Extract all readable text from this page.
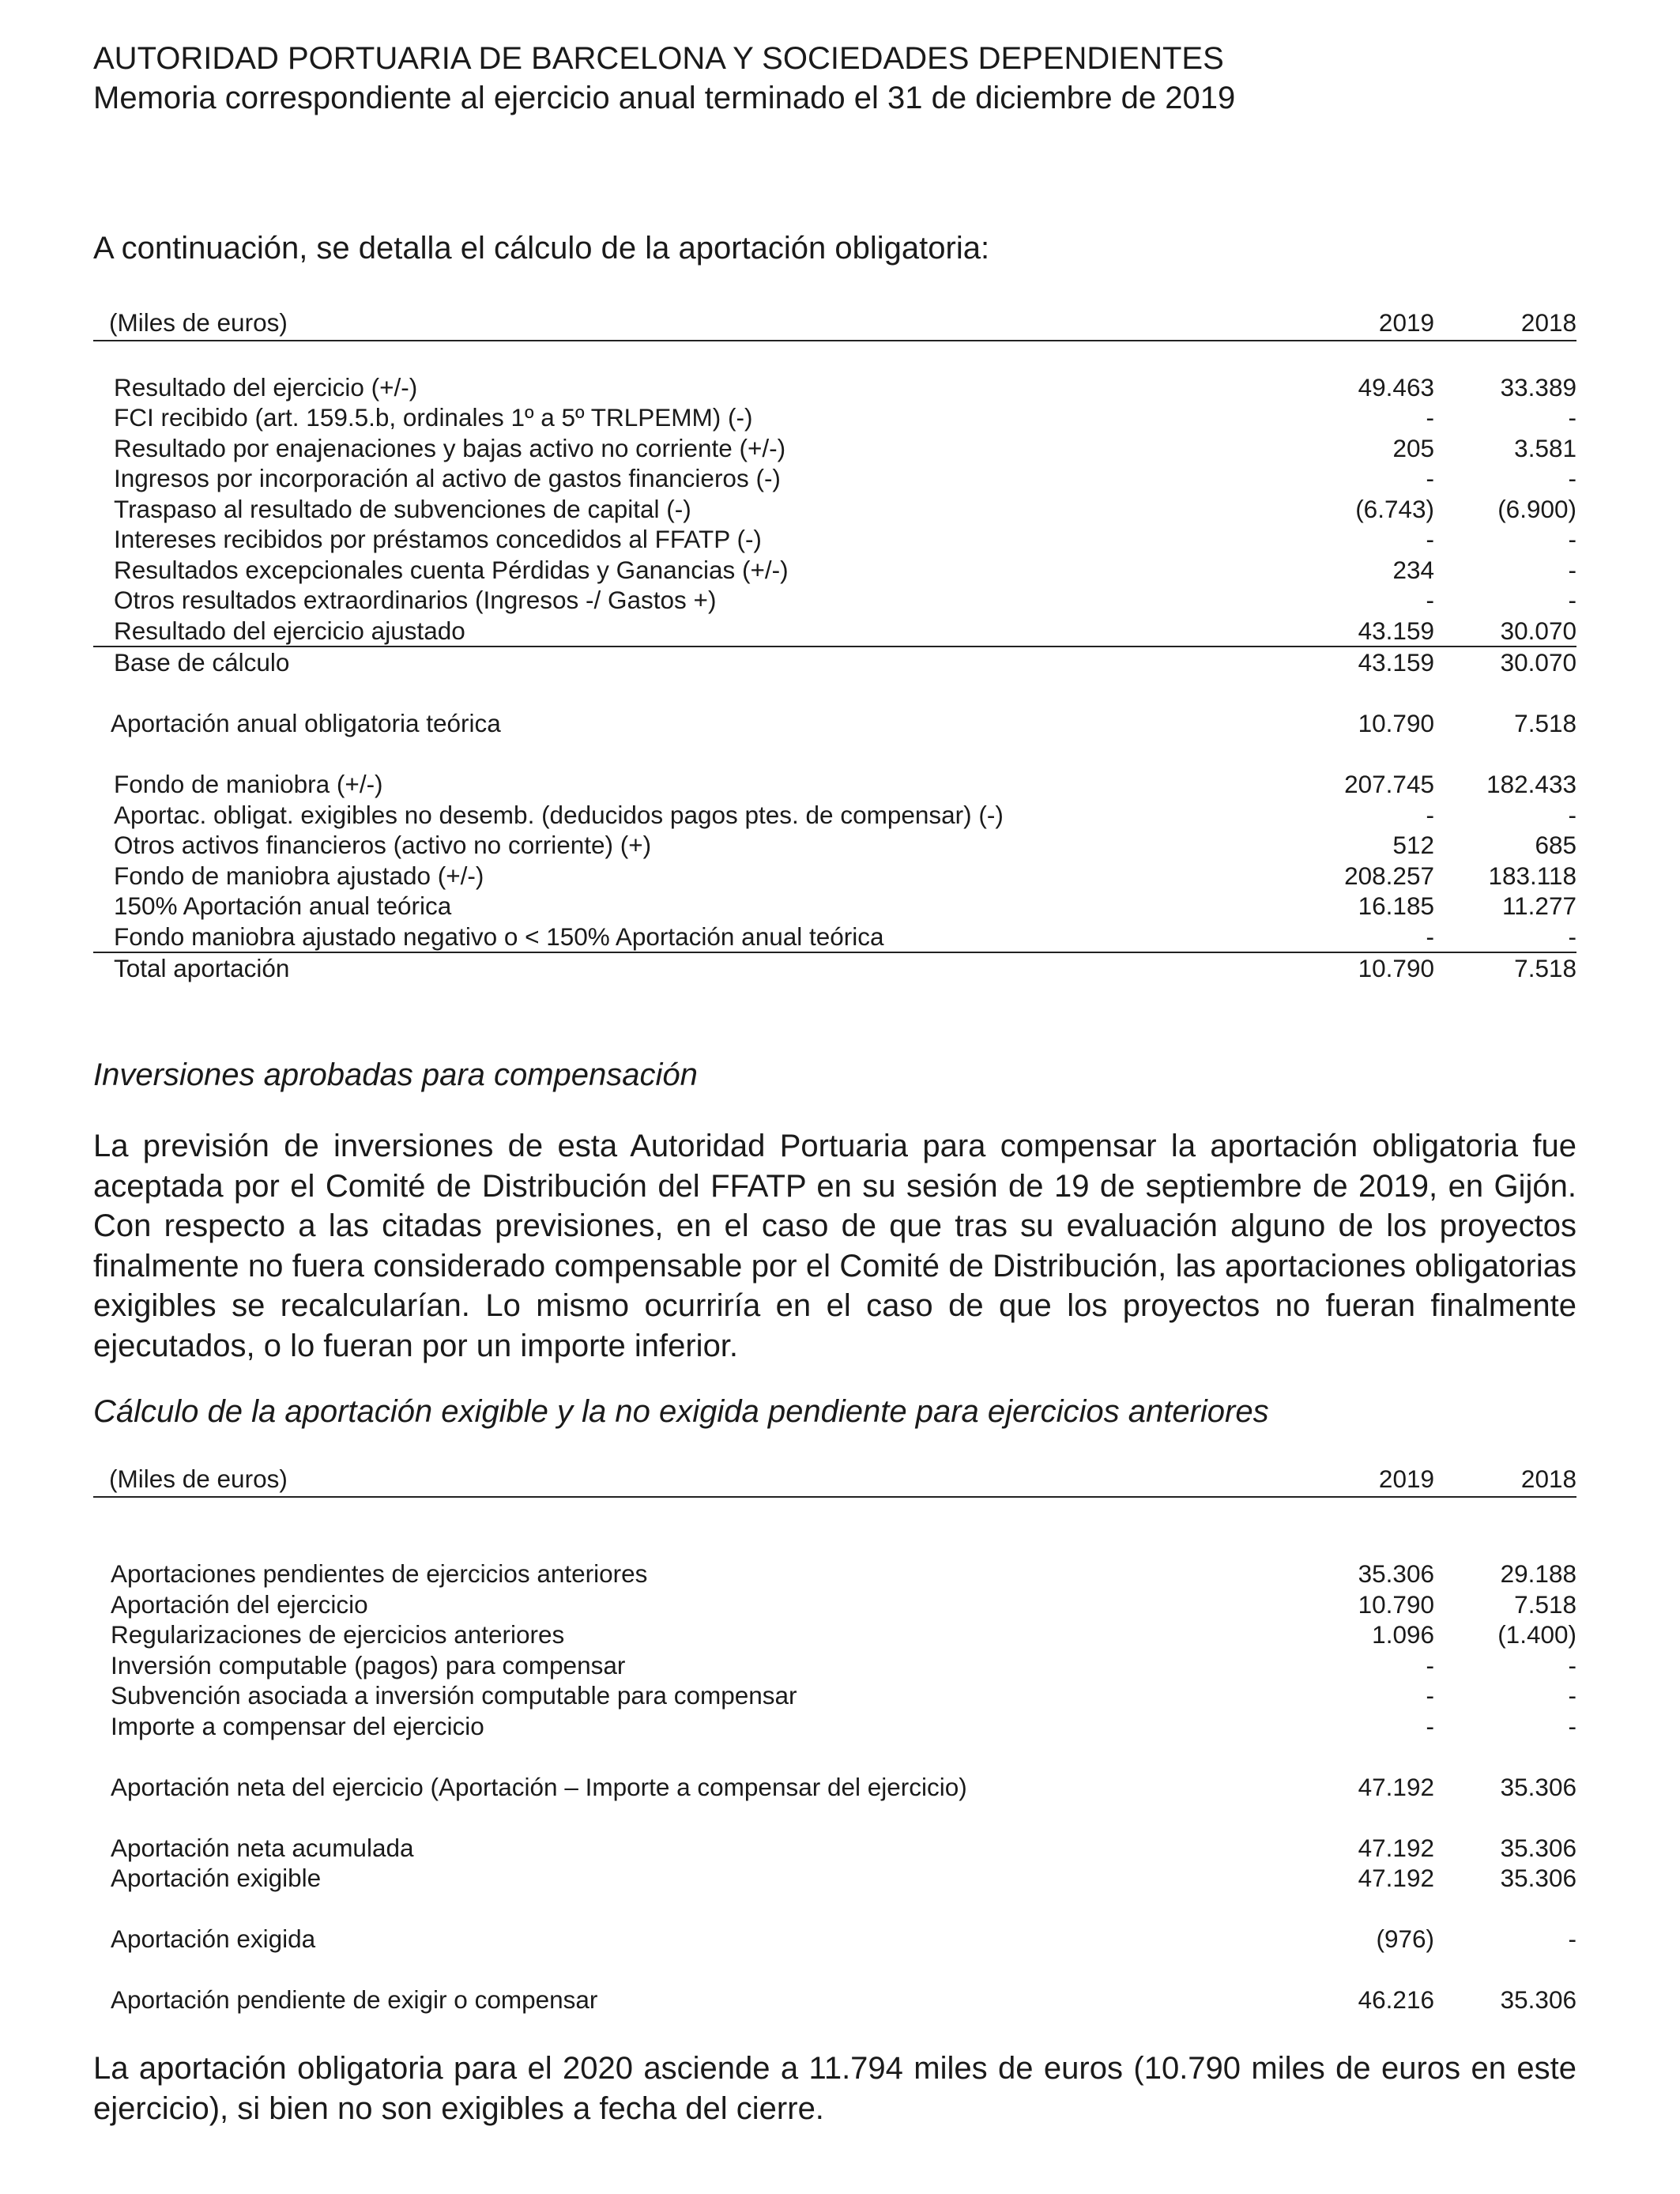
AUTORIDAD PORTUARIA DE BARCELONA Y SOCIEDADES DEPENDIENTES
Memoria correspondiente al ejercicio anual terminado el 31 de diciembre de 2019
A continuación, se detalla el cálculo de la aportación obligatoria:
(Miles de euros)	2019	2018

Resultado del ejercicio (+/-)	49.463	33.389
FCI recibido (art. 159.5.b, ordinales 1º a 5º TRLPEMM) (-)	-	-
Resultado por enajenaciones y bajas activo no corriente (+/-)	205	3.581
Ingresos por incorporación al activo de gastos financieros (-)	-	-
Traspaso al resultado de subvenciones de capital (-)	(6.743)	(6.900)
Intereses recibidos por préstamos concedidos al FFATP (-)	-	-
Resultados excepcionales cuenta Pérdidas y Ganancias (+/-)	234	-
Otros resultados extraordinarios (Ingresos -/ Gastos +)	-	-
Resultado del ejercicio ajustado	43.159	30.070
Base de cálculo	43.159	30.070

Aportación anual obligatoria teórica	10.790	7.518

Fondo de maniobra (+/-)	207.745	182.433
Aportac. obligat. exigibles no desemb. (deducidos pagos ptes. de compensar) (-)	-	-
Otros activos financieros (activo no corriente) (+)	512	685
Fondo de maniobra ajustado (+/-)	208.257	183.118
150% Aportación anual teórica	16.185	11.277
Fondo maniobra ajustado negativo o < 150% Aportación anual teórica	-	-
Total aportación	10.790	7.518
Inversiones aprobadas para compensación
La previsión de inversiones de esta Autoridad Portuaria para compensar la aportación obligatoria fue aceptada por el Comité de Distribución del FFATP en su sesión de 19 de septiembre de 2019, en Gijón. Con respecto a las citadas previsiones, en el caso de que tras su evaluación alguno de los proyectos finalmente no fuera considerado compensable por el Comité de Distribución, las aportaciones obligatorias exigibles se recalcularían. Lo mismo ocurriría en el caso de que los proyectos no fueran finalmente ejecutados, o lo fueran por un importe inferior.
Cálculo de la aportación exigible y la no exigida pendiente para ejercicios anteriores
(Miles de euros)	2019	2018

Aportaciones pendientes de ejercicios anteriores	35.306	29.188
Aportación del ejercicio	10.790	7.518
Regularizaciones de ejercicios anteriores	1.096	(1.400)
Inversión computable (pagos) para compensar	-	-
Subvención asociada a inversión computable para compensar	-	-
Importe a compensar del ejercicio	-	-

Aportación neta del ejercicio (Aportación – Importe a compensar del ejercicio)	47.192	35.306

Aportación neta acumulada	47.192	35.306
Aportación exigible	47.192	35.306

Aportación exigida	(976)	-

Aportación pendiente de exigir o compensar	46.216	35.306
La aportación obligatoria para el 2020 asciende a 11.794 miles de euros (10.790 miles de euros en este ejercicio), si bien no son exigibles a fecha del cierre.
